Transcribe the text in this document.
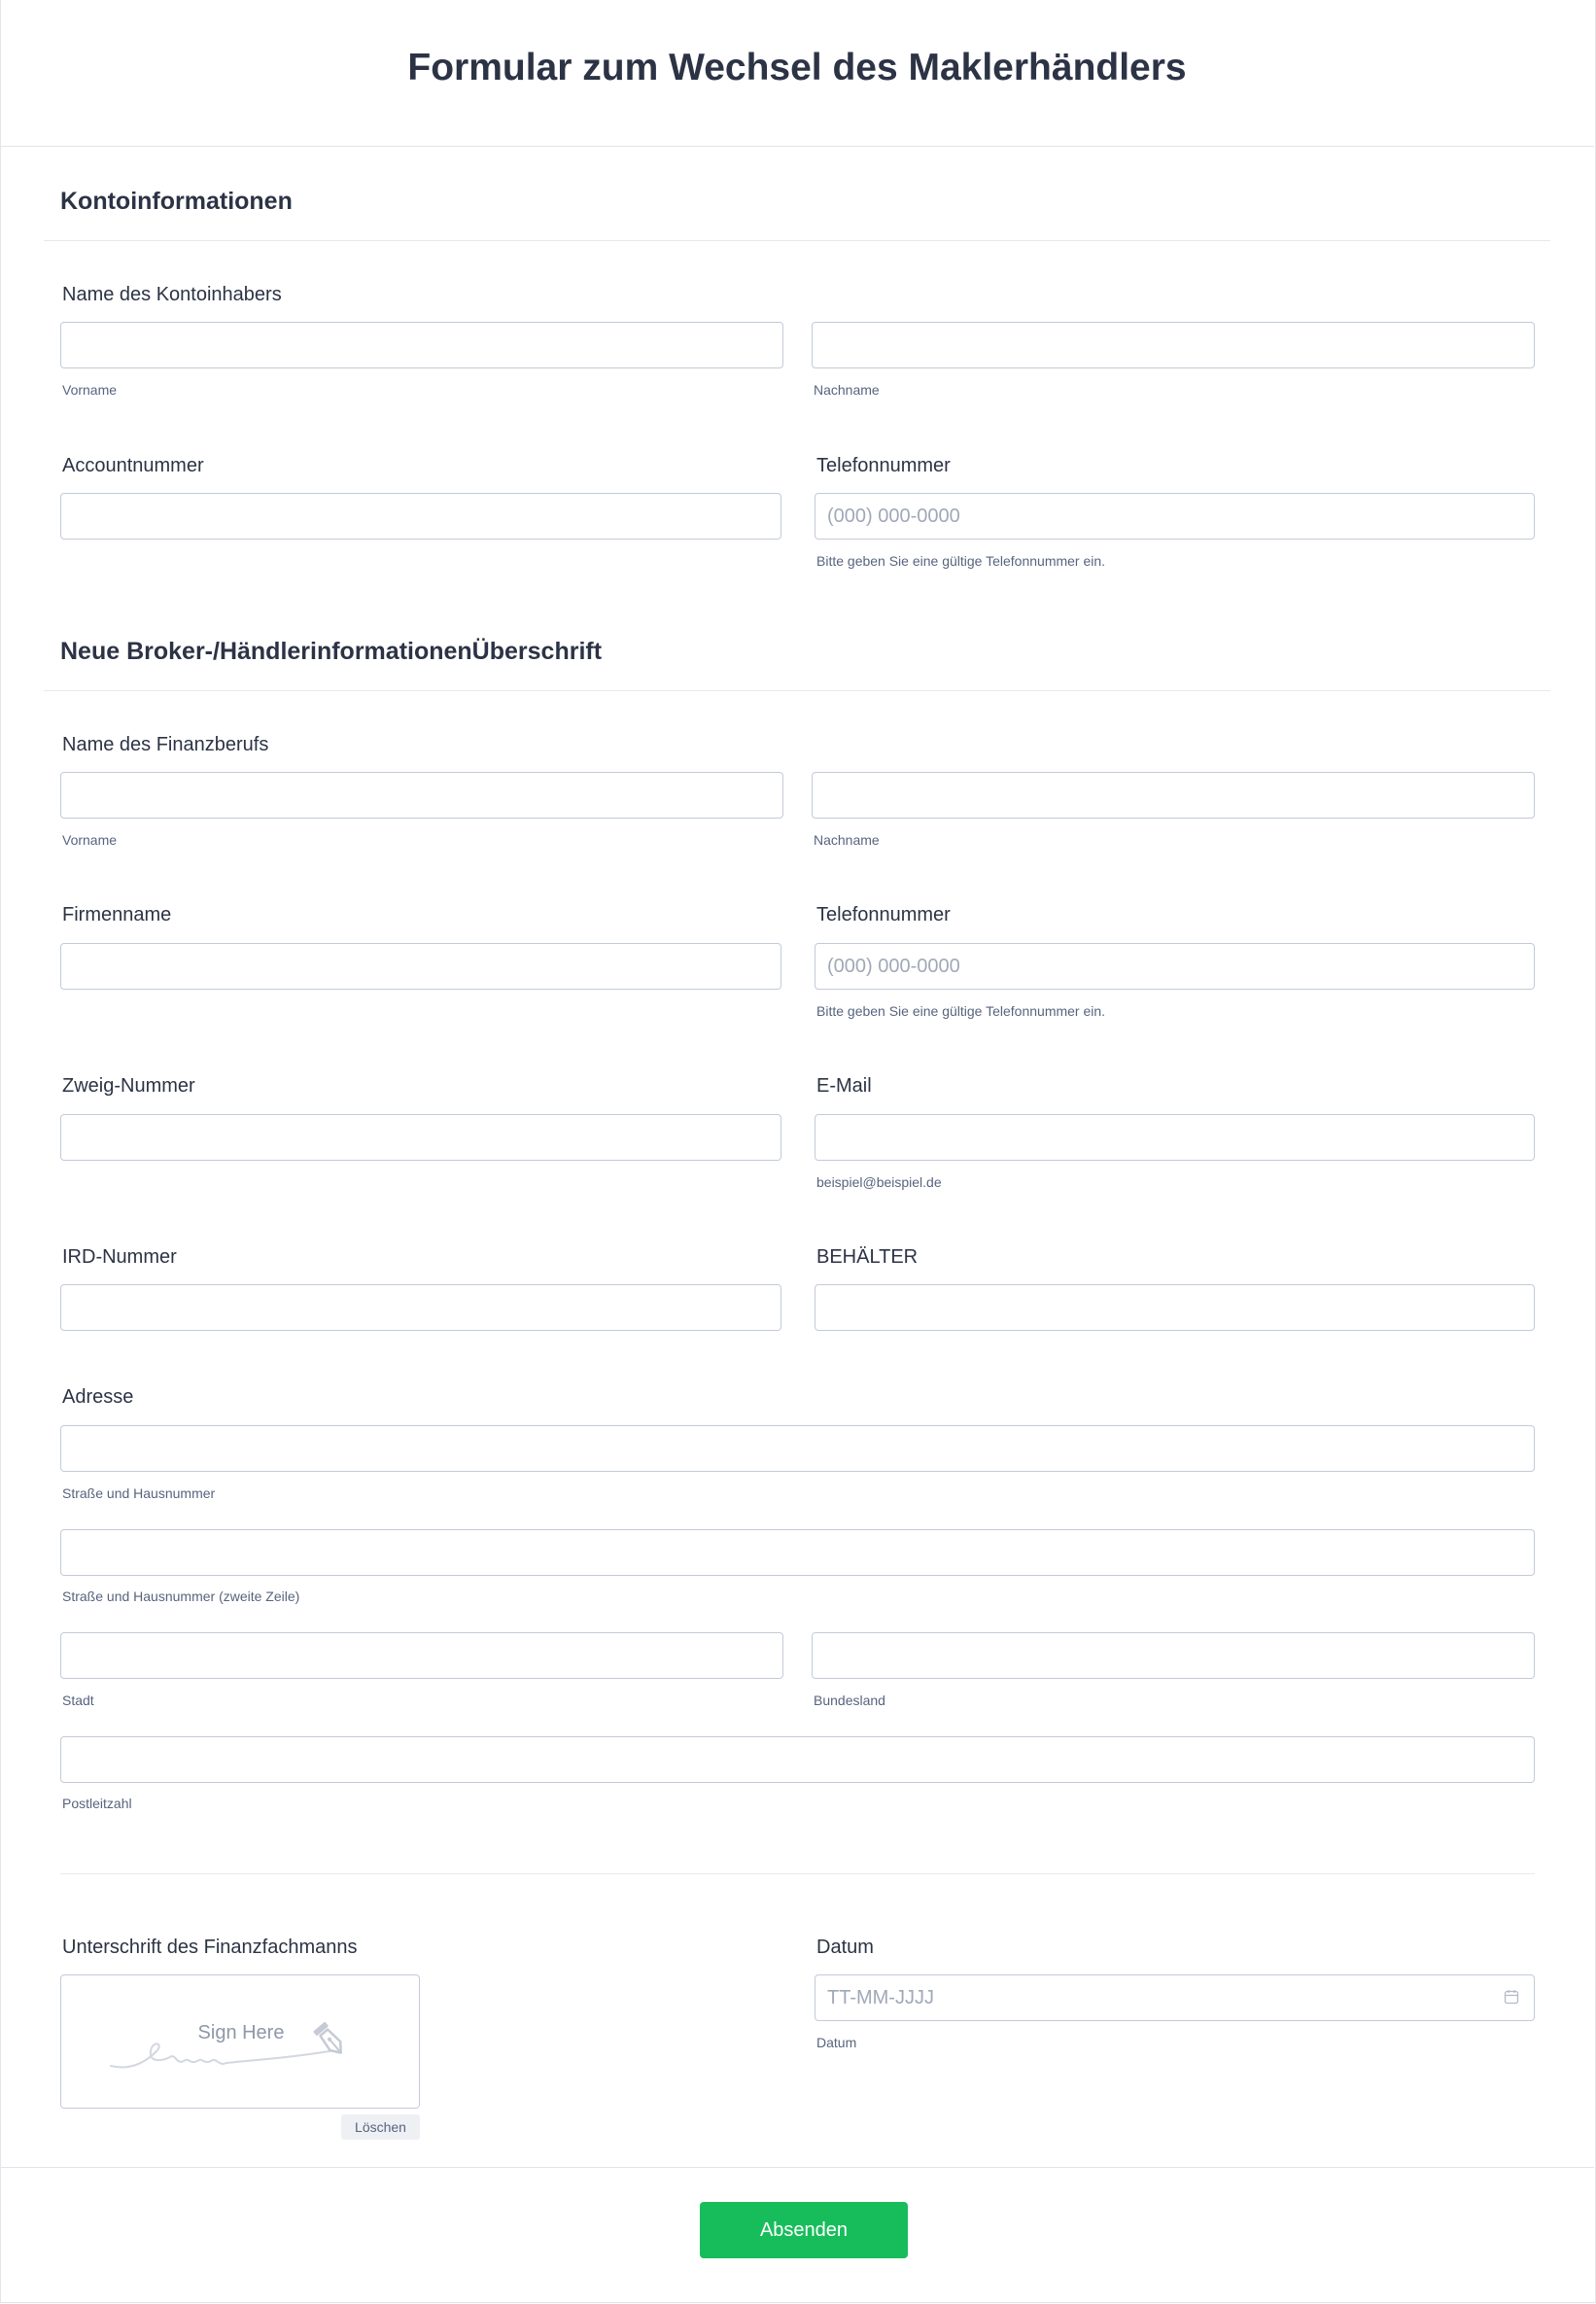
Formular zum Wechsel des Maklerhändlers
Kontoinformationen
Name des Kontoinhabers
Vorname	Nachname
Accountnummer	Telefonnummer
(000) 000-0000
Bitte geben Sie eine gültige Telefonnummer ein.
Neue Broker-/HändlerinformationenÜberschrift
Name des Finanzberufs
Vorname	Nachname
Firmenname	Telefonnummer
(000) 000-0000
Bitte geben Sie eine gültige Telefonnummer ein.
Zweig-Nummer	E-Mail
beispiel@beispiel.de
IRD-Nummer	BEHÄLTER
Adresse
Straße und Hausnummer
Straße und Hausnummer (zweite Zeile)
Stadt	Bundesland
Postleitzahl
Unterschrift des Finanzfachmanns
Sign Here
Löschen
Datum
TT-MM-JJJJ
Datum
Absenden
